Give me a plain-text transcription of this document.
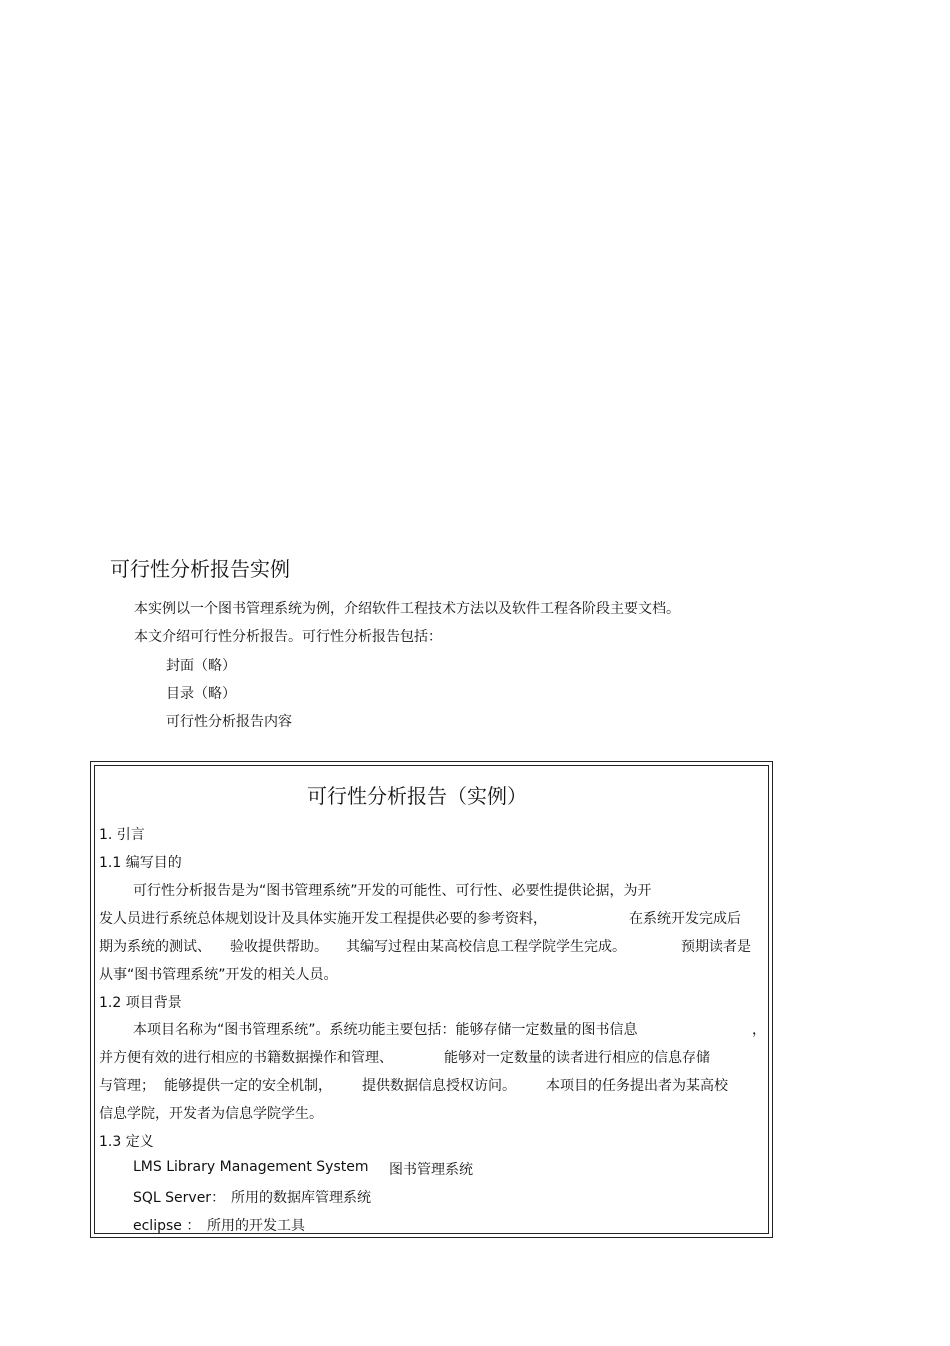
可行性分析报告实例
本实例以一个图书管理系统为例，介绍软件工程技术方法以及软件工程各阶段主要文档。
本文介绍可行性分析报告。可行性分析报告包括：
封面（略）
目录（略）
可行性分析报告内容
可行性分析报告（实例）
1. 引言
1.1 编写目的
可行性分析报告是为“图书管理系统”开发的可能性、可行性、必要性提供论据，为开
发人员进行系统总体规划设计及具体实施开发工程提供必要的参考资料，	在系统开发完成后
期为系统的测试、 验收提供帮助。 其编写过程由某高校信息工程学院学生完成。	预期读者是
从事“图书管理系统”开发的相关人员。
1.2 项目背景
本项目名称为“图书管理系统”。系统功能主要包括：能够存储一定数量的图书信息	，
并方便有效的进行相应的书籍数据操作和管理、	能够对一定数量的读者进行相应的信息存储
与管理； 能够提供一定的安全机制， 提供数据信息授权访问。 本项目的任务提出者为某高校
信息学院，开发者为信息学院学生。
1.3 定义
LMS Library Management System 图书管理系统
SQL Server： 所用的数据库管理系统
eclipse ： 所用的开发工具
